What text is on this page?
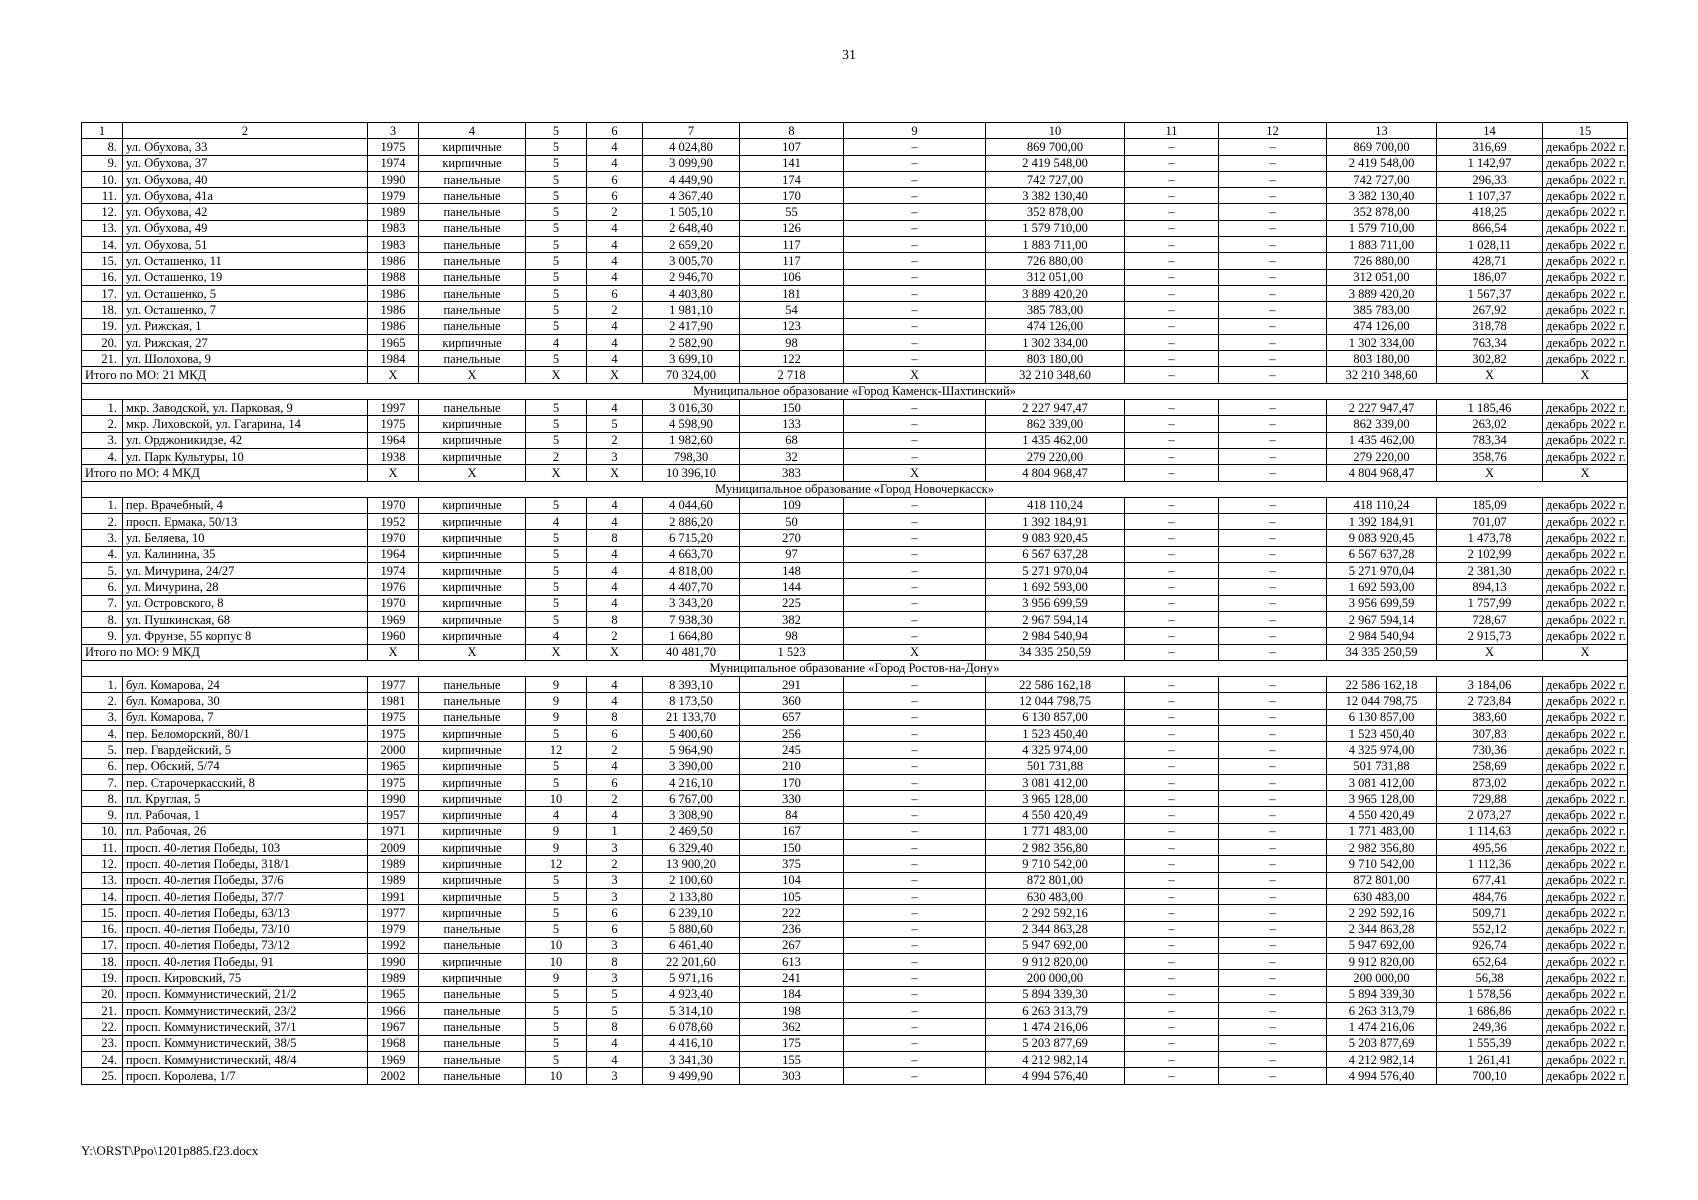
31
1	2	3	4	5	6	7	8	9	10	11	12	13	14	15
8.	ул. Обухова, 33	1975	кирпичные	5	4	4 024,80	107	–	869 700,00	–	–	869 700,00	316,69	декабрь 2022 г.
9.	ул. Обухова, 37	1974	кирпичные	5	4	3 099,90	141	–	2 419 548,00	–	–	2 419 548,00	1 142,97	декабрь 2022 г.
10.	ул. Обухова, 40	1990	панельные	5	6	4 449,90	174	–	742 727,00	–	–	742 727,00	296,33	декабрь 2022 г.
11.	ул. Обухова, 41а	1979	панельные	5	6	4 367,40	170	–	3 382 130,40	–	–	3 382 130,40	1 107,37	декабрь 2022 г.
12.	ул. Обухова, 42	1989	панельные	5	2	1 505,10	55	–	352 878,00	–	–	352 878,00	418,25	декабрь 2022 г.
13.	ул. Обухова, 49	1983	панельные	5	4	2 648,40	126	–	1 579 710,00	–	–	1 579 710,00	866,54	декабрь 2022 г.
14.	ул. Обухова, 51	1983	панельные	5	4	2 659,20	117	–	1 883 711,00	–	–	1 883 711,00	1 028,11	декабрь 2022 г.
15.	ул. Осташенко, 11	1986	панельные	5	4	3 005,70	117	–	726 880,00	–	–	726 880,00	428,71	декабрь 2022 г.
16.	ул. Осташенко, 19	1988	панельные	5	4	2 946,70	106	–	312 051,00	–	–	312 051,00	186,07	декабрь 2022 г.
17.	ул. Осташенко, 5	1986	панельные	5	6	4 403,80	181	–	3 889 420,20	–	–	3 889 420,20	1 567,37	декабрь 2022 г.
18.	ул. Осташенко, 7	1986	панельные	5	2	1 981,10	54	–	385 783,00	–	–	385 783,00	267,92	декабрь 2022 г.
19.	ул. Рижская, 1	1986	панельные	5	4	2 417,90	123	–	474 126,00	–	–	474 126,00	318,78	декабрь 2022 г.
20.	ул. Рижская, 27	1965	кирпичные	4	4	2 582,90	98	–	1 302 334,00	–	–	1 302 334,00	763,34	декабрь 2022 г.
21.	ул. Шолохова, 9	1984	панельные	5	4	3 699,10	122	–	803 180,00	–	–	803 180,00	302,82	декабрь 2022 г.
Итого по МО: 21 МКД		X	X	X	X	70 324,00	2 718	X	32 210 348,60	–	–	32 210 348,60	X	X
Муниципальное образование «Город Каменск-Шахтинский»														
1.	мкр. Заводской, ул. Парковая, 9	1997	панельные	5	4	3 016,30	150	–	2 227 947,47	–	–	2 227 947,47	1 185,46	декабрь 2022 г.
2.	мкр. Лиховской, ул. Гагарина, 14	1975	кирпичные	5	5	4 598,90	133	–	862 339,00	–	–	862 339,00	263,02	декабрь 2022 г.
3.	ул. Орджоникидзе, 42	1964	кирпичные	5	2	1 982,60	68	–	1 435 462,00	–	–	1 435 462,00	783,34	декабрь 2022 г.
4.	ул. Парк Культуры, 10	1938	кирпичные	2	3	798,30	32	–	279 220,00	–	–	279 220,00	358,76	декабрь 2022 г.
Итого по МО: 4 МКД		X	X	X	X	10 396,10	383	X	4 804 968,47	–	–	4 804 968,47	X	X
Муниципальное образование «Город Новочеркасск»														
1.	пер. Врачебный, 4	1970	кирпичные	5	4	4 044,60	109	–	418 110,24	–	–	418 110,24	185,09	декабрь 2022 г.
2.	просп. Ермака, 50/13	1952	кирпичные	4	4	2 886,20	50	–	1 392 184,91	–	–	1 392 184,91	701,07	декабрь 2022 г.
3.	ул. Беляева, 10	1970	кирпичные	5	8	6 715,20	270	–	9 083 920,45	–	–	9 083 920,45	1 473,78	декабрь 2022 г.
4.	ул. Калинина, 35	1964	кирпичные	5	4	4 663,70	97	–	6 567 637,28	–	–	6 567 637,28	2 102,99	декабрь 2022 г.
5.	ул. Мичурина, 24/27	1974	кирпичные	5	4	4 818,00	148	–	5 271 970,04	–	–	5 271 970,04	2 381,30	декабрь 2022 г.
6.	ул. Мичурина, 28	1976	кирпичные	5	4	4 407,70	144	–	1 692 593,00	–	–	1 692 593,00	894,13	декабрь 2022 г.
7.	ул. Островского, 8	1970	кирпичные	5	4	3 343,20	225	–	3 956 699,59	–	–	3 956 699,59	1 757,99	декабрь 2022 г.
8.	ул. Пушкинская, 68	1969	кирпичные	5	8	7 938,30	382	–	2 967 594,14	–	–	2 967 594,14	728,67	декабрь 2022 г.
9.	ул. Фрунзе, 55 корпус 8	1960	кирпичные	4	2	1 664,80	98	–	2 984 540,94	–	–	2 984 540,94	2 915,73	декабрь 2022 г.
Итого по МО: 9 МКД		X	X	X	X	40 481,70	1 523	X	34 335 250,59	–	–	34 335 250,59	X	X
Муниципальное образование «Город Ростов-на-Дону»														
1.	бул. Комарова, 24	1977	панельные	9	4	8 393,10	291	–	22 586 162,18	–	–	22 586 162,18	3 184,06	декабрь 2022 г.
2.	бул. Комарова, 30	1981	панельные	9	4	8 173,50	360	–	12 044 798,75	–	–	12 044 798,75	2 723,84	декабрь 2022 г.
3.	бул. Комарова, 7	1975	панельные	9	8	21 133,70	657	–	6 130 857,00	–	–	6 130 857,00	383,60	декабрь 2022 г.
4.	пер. Беломорский, 80/1	1975	кирпичные	5	6	5 400,60	256	–	1 523 450,40	–	–	1 523 450,40	307,83	декабрь 2022 г.
5.	пер. Гвардейский, 5	2000	кирпичные	12	2	5 964,90	245	–	4 325 974,00	–	–	4 325 974,00	730,36	декабрь 2022 г.
6.	пер. Обский, 5/74	1965	кирпичные	5	4	3 390,00	210	–	501 731,88	–	–	501 731,88	258,69	декабрь 2022 г.
7.	пер. Старочеркасский, 8	1975	кирпичные	5	6	4 216,10	170	–	3 081 412,00	–	–	3 081 412,00	873,02	декабрь 2022 г.
8.	пл. Круглая, 5	1990	кирпичные	10	2	6 767,00	330	–	3 965 128,00	–	–	3 965 128,00	729,88	декабрь 2022 г.
9.	пл. Рабочая, 1	1957	кирпичные	4	4	3 308,90	84	–	4 550 420,49	–	–	4 550 420,49	2 073,27	декабрь 2022 г.
10.	пл. Рабочая, 26	1971	кирпичные	9	1	2 469,50	167	–	1 771 483,00	–	–	1 771 483,00	1 114,63	декабрь 2022 г.
11.	просп. 40-летия Победы, 103	2009	кирпичные	9	3	6 329,40	150	–	2 982 356,80	–	–	2 982 356,80	495,56	декабрь 2022 г.
12.	просп. 40-летия Победы, 318/1	1989	кирпичные	12	2	13 900,20	375	–	9 710 542,00	–	–	9 710 542,00	1 112,36	декабрь 2022 г.
13.	просп. 40-летия Победы, 37/6	1989	кирпичные	5	3	2 100,60	104	–	872 801,00	–	–	872 801,00	677,41	декабрь 2022 г.
14.	просп. 40-летия Победы, 37/7	1991	кирпичные	5	3	2 133,80	105	–	630 483,00	–	–	630 483,00	484,76	декабрь 2022 г.
15.	просп. 40-летия Победы, 63/13	1977	кирпичные	5	6	6 239,10	222	–	2 292 592,16	–	–	2 292 592,16	509,71	декабрь 2022 г.
16.	просп. 40-летия Победы, 73/10	1979	панельные	5	6	5 880,60	236	–	2 344 863,28	–	–	2 344 863,28	552,12	декабрь 2022 г.
17.	просп. 40-летия Победы, 73/12	1992	панельные	10	3	6 461,40	267	–	5 947 692,00	–	–	5 947 692,00	926,74	декабрь 2022 г.
18.	просп. 40-летия Победы, 91	1990	кирпичные	10	8	22 201,60	613	–	9 912 820,00	–	–	9 912 820,00	652,64	декабрь 2022 г.
19.	просп. Кировский, 75	1989	кирпичные	9	3	5 971,16	241	–	200 000,00	–	–	200 000,00	56,38	декабрь 2022 г.
20.	просп. Коммунистический, 21/2	1965	панельные	5	5	4 923,40	184	–	5 894 339,30	–	–	5 894 339,30	1 578,56	декабрь 2022 г.
21.	просп. Коммунистический, 23/2	1966	панельные	5	5	5 314,10	198	–	6 263 313,79	–	–	6 263 313,79	1 686,86	декабрь 2022 г.
22.	просп. Коммунистический, 37/1	1967	панельные	5	8	6 078,60	362	–	1 474 216,06	–	–	1 474 216,06	249,36	декабрь 2022 г.
23.	просп. Коммунистический, 38/5	1968	панельные	5	4	4 416,10	175	–	5 203 877,69	–	–	5 203 877,69	1 555,39	декабрь 2022 г.
24.	просп. Коммунистический, 48/4	1969	панельные	5	4	3 341,30	155	–	4 212 982,14	–	–	4 212 982,14	1 261,41	декабрь 2022 г.
25.	просп. Королева, 1/7	2002	панельные	10	3	9 499,90	303	–	4 994 576,40	–	–	4 994 576,40	700,10	декабрь 2022 г.
Y:\ORST\Ppo\1201p885.f23.docx
